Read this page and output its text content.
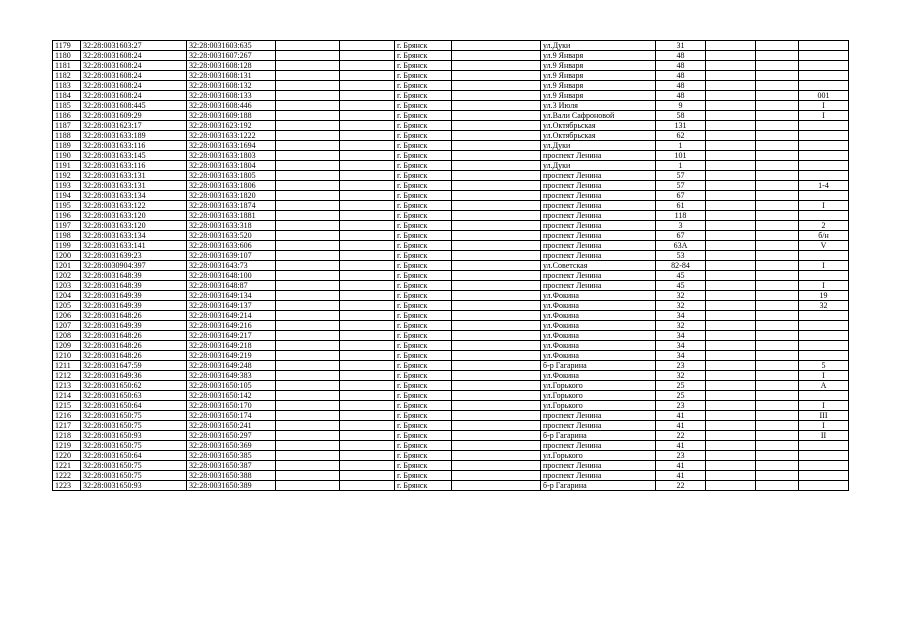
1179	32:28:0031603:27	32:28:0031603:635			г. Брянск		ул.Дуки	31			
1180	32:28:0031608:24	32:28:0031607:267			г. Брянск		ул.9 Января	48			
1181	32:28:0031608:24	32:28:0031608:128			г. Брянск		ул.9 Января	48			
1182	32:28:0031608:24	32:28:0031608:131			г. Брянск		ул.9 Января	48			
1183	32:28:0031608:24	32:28:0031608:132			г. Брянск		ул.9 Января	48			
1184	32:28:0031608:24	32:28:0031608:133			г. Брянск		ул.9 Января	48			001
1185	32:28:0031608:445	32:28:0031608:446			г. Брянск		ул.3 Июля	9			I
1186	32:28:0031609:29	32:28:0031609:188			г. Брянск		ул.Вали Сафроновой	58			I
1187	32:28:0031623:17	32:28:0031623:192			г. Брянск		ул.Октябрьская	131			
1188	32:28:0031633:189	32:28:0031633:1222			г. Брянск		ул.Октябрьская	62			
1189	32:28:0031633:116	32:28:0031633:1694			г. Брянск		ул.Дуки	1			
1190	32:28:0031633:145	32:28:0031633:1803			г. Брянск		проспект Ленина	101			
1191	32:28:0031633:116	32:28:0031633:1804			г. Брянск		ул.Дуки	1			
1192	32:28:0031633:131	32:28:0031633:1805			г. Брянск		проспект Ленина	57			
1193	32:28:0031633:131	32:28:0031633:1806			г. Брянск		проспект Ленина	57			1-4
1194	32:28:0031633:134	32:28:0031633:1820			г. Брянск		проспект Ленина	67			
1195	32:28:0031633:122	32:28:0031633:1874			г. Брянск		проспект Ленина	61			I
1196	32:28:0031633:120	32:28:0031633:1881			г. Брянск		проспект Ленина	118			
1197	32:28:0031633:120	32:28:0031633:318			г. Брянск		проспект Ленина	3			2
1198	32:28:0031633:134	32:28:0031633:520			г. Брянск		проспект Ленина	67			б/н
1199	32:28:0031633:141	32:28:0031633:606			г. Брянск		проспект Ленина	63А			V
1200	32:28:0031639:23	32:28:0031639:107			г. Брянск		проспект Ленина	53			
1201	32:28:0030904:397	32:28:0031643:73			г. Брянск		ул.Советская	82-84			I
1202	32:28:0031648:39	32:28:0031648:100			г. Брянск		проспект Ленина	45			
1203	32:28:0031648:39	32:28:0031648:87			г. Брянск		проспект Ленина	45			I
1204	32:28:0031649:39	32:28:0031649:134			г. Брянск		ул.Фокина	32			19
1205	32:28:0031649:39	32:28:0031649:137			г. Брянск		ул.Фокина	32			32
1206	32:28:0031648:26	32:28:0031649:214			г. Брянск		ул.Фокина	34			
1207	32:28:0031649:39	32:28:0031649:216			г. Брянск		ул.Фокина	32			
1208	32:28:0031648:26	32:28:0031649:217			г. Брянск		ул.Фокина	34			
1209	32:28:0031648:26	32:28:0031649:218			г. Брянск		ул.Фокина	34			
1210	32:28:0031648:26	32:28:0031649:219			г. Брянск		ул.Фокина	34			
1211	32:28:0031647:59	32:28:0031649:248			г. Брянск		б-р Гагарина	23			5
1212	32:28:0031649:36	32:28:0031649:383			г. Брянск		ул.Фокина	32			I
1213	32:28:0031650:62	32:28:0031650:105			г. Брянск		ул.Горького	25			А
1214	32:28:0031650:63	32:28:0031650:142			г. Брянск		ул.Горького	25			
1215	32:28:0031650:64	32:28:0031650:170			г. Брянск		ул.Горького	23			I
1216	32:28:0031650:75	32:28:0031650:174			г. Брянск		проспект Ленина	41			III
1217	32:28:0031650:75	32:28:0031650:241			г. Брянск		проспект Ленина	41			I
1218	32:28:0031650:93	32:28:0031650:297			г. Брянск		б-р Гагарина	22			II
1219	32:28:0031650:75	32:28:0031650:369			г. Брянск		проспект Ленина	41			
1220	32:28:0031650:64	32:28:0031650:385			г. Брянск		ул.Горького	23			
1221	32:28:0031650:75	32:28:0031650:387			г. Брянск		проспект Ленина	41			
1222	32:28:0031650:75	32:28:0031650:388			г. Брянск		проспект Ленина	41			
1223	32:28:0031650:93	32:28:0031650:389			г. Брянск		б-р Гагарина	22			
